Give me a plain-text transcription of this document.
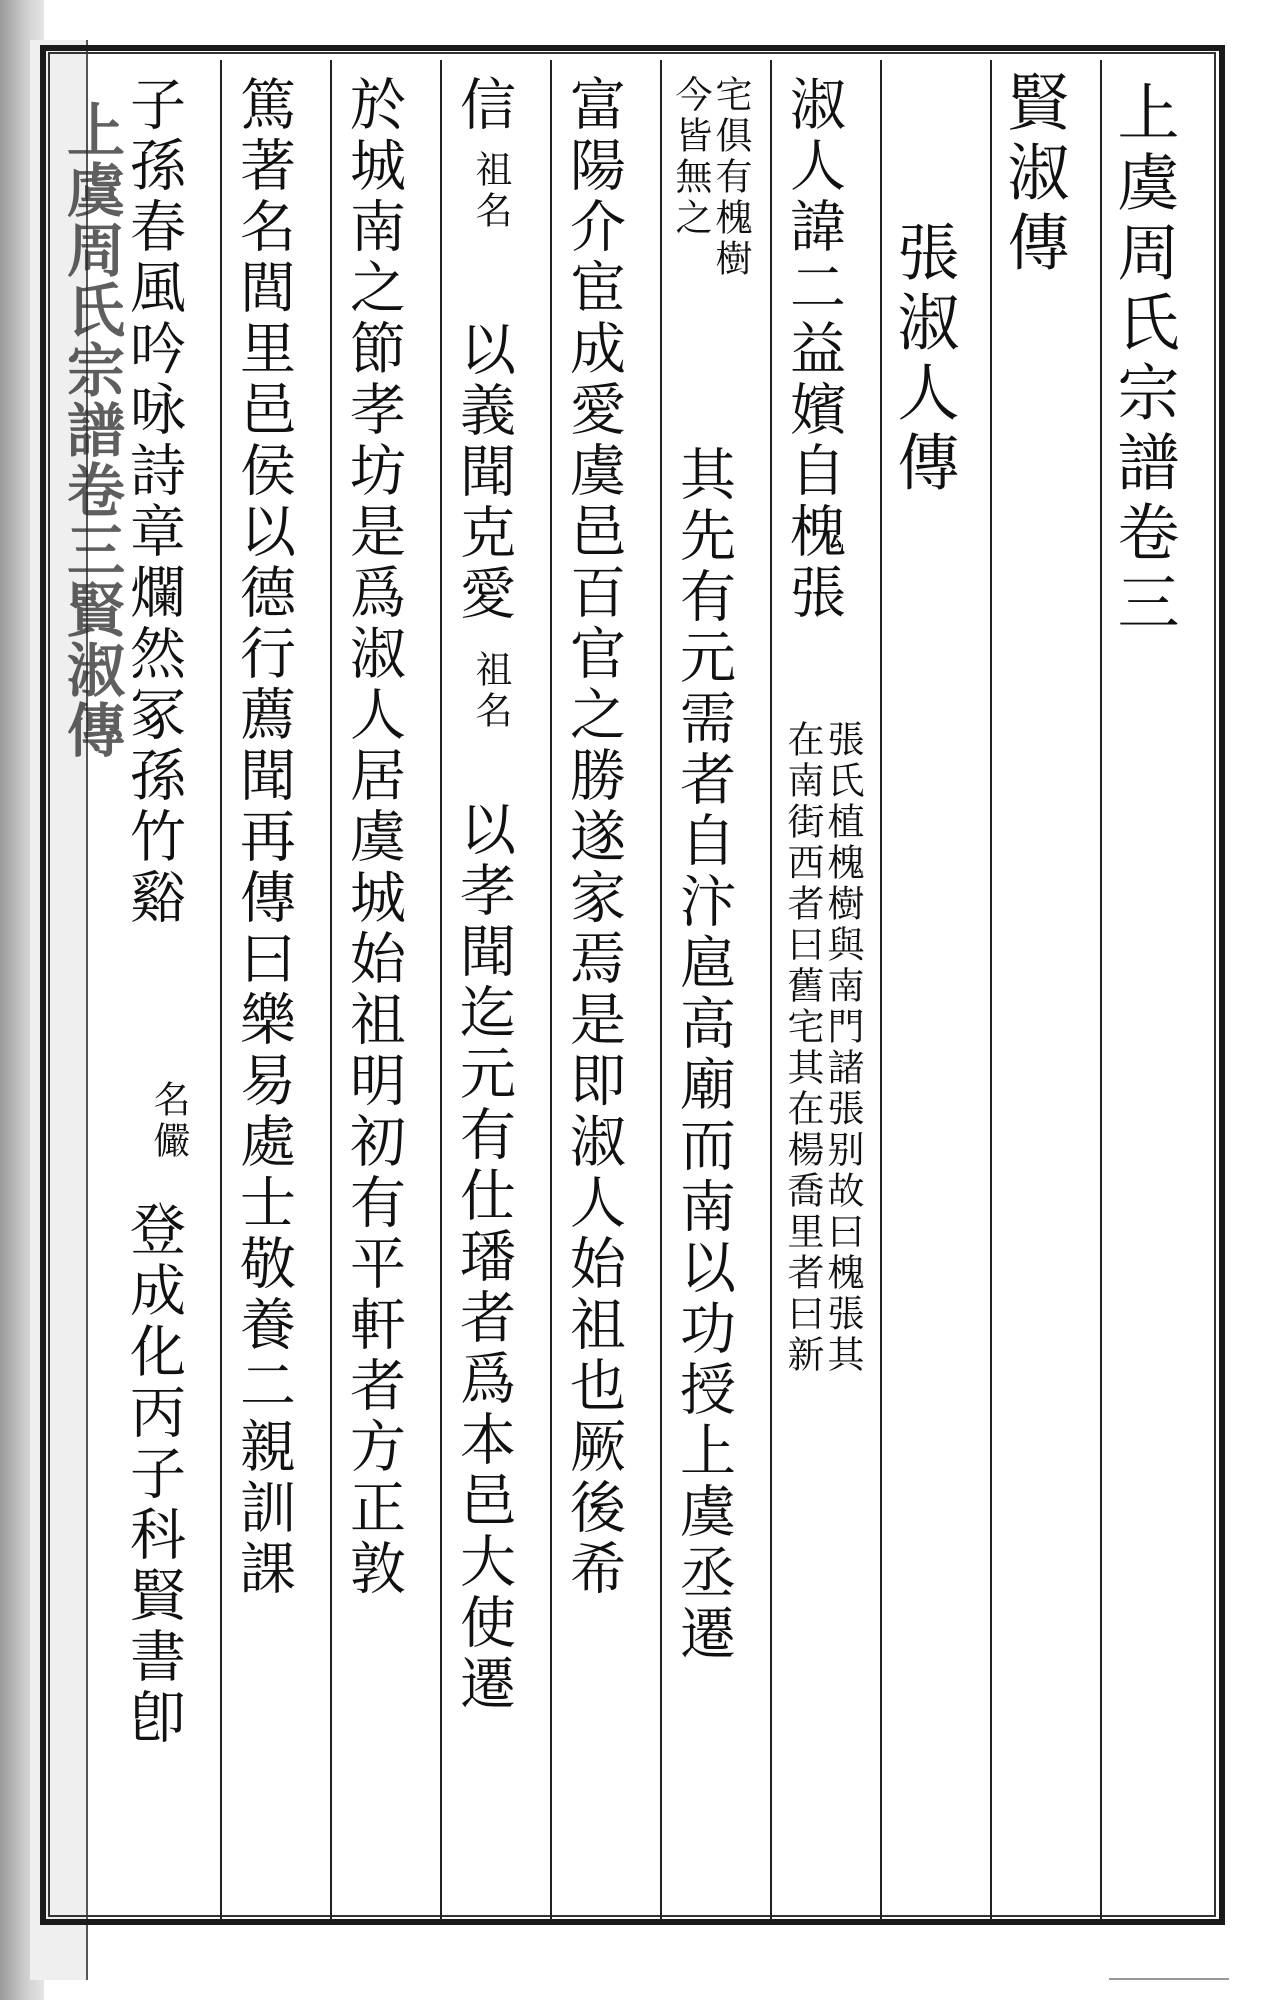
上虞周氏宗譜卷三賢淑傳	上虞周氏宗譜卷三
賢淑傳
張淑人傳
淑人諱二益嬪自槐張
張氏植槐樹與南門諸張别故曰槐張其
在南街西者曰舊宅其在楊喬里者曰新
宅俱有槐樹
今皆無之
其先有元需者自汴扈高廟而南以功授上虞丞遷
富陽介宦成愛虞邑百官之勝遂家焉是即淑人始祖也厥後希
信
祖名
以義聞克愛
祖名
以孝聞迄元有仕璠者爲本邑大使遷
於城南之節孝坊是爲淑人居虞城始祖明初有平軒者方正敦
篤著名閭里邑侯以德行薦聞再傳曰樂易處士敬養二親訓課
子孫春風吟咏詩章爛然冢孫竹谿
名儼
登成化丙子科賢書卽
